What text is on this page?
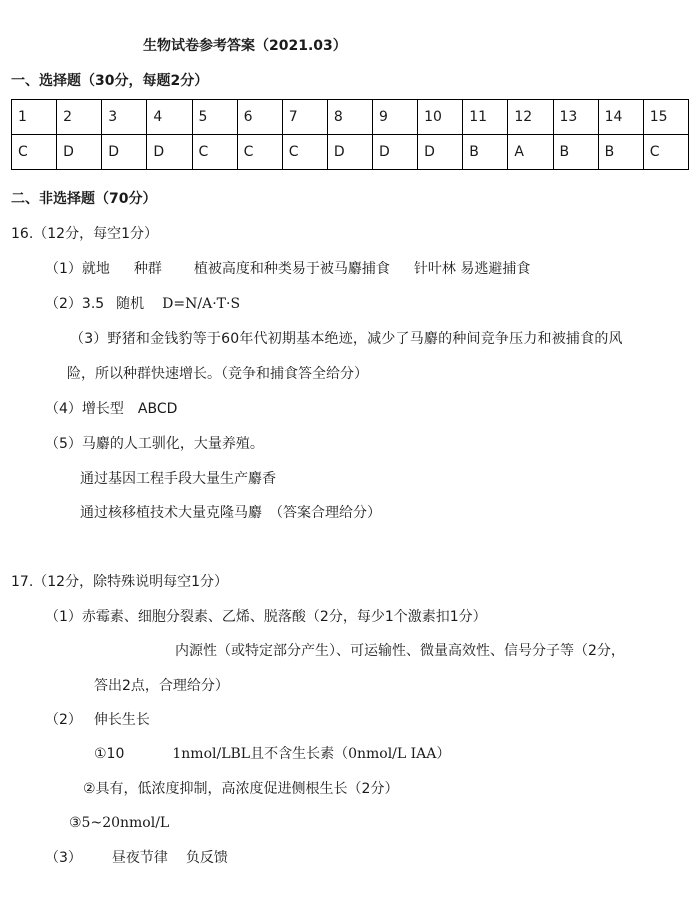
生物试卷参考答案（2021.03）
一、选择题（30分，每题2分）
1	2	3	4	5	6	7	8	9	10	11	12	13	14	15
C	D	D	D	C	C	C	D	D	D	B	A	B	B	C
二、非选择题（70分）
16.（12分，每空1分）
（1）就地 种群 植被高度和种类易于被马麝捕食 针叶林 易逃避捕食
（2）3.5 随机 D=N/A·T·S
（3）野猪和金钱豹等于60年代初期基本绝迹，减少了马麝的种间竞争压力和被捕食的风
险，所以种群快速增长。（竞争和捕食答全给分）
（4）增长型　ABCD
（5）马麝的人工驯化，大量养殖。
通过基因工程手段大量生产麝香
通过核移植技术大量克隆马麝　（答案合理给分）
17.（12分，除特殊说明每空1分）
（1）赤霉素、细胞分裂素、乙烯、脱落酸（2分，每少1个激素扣1分）
内源性（或特定部分产生）、可运输性、微量高效性、信号分子等（2分，
答出2点，合理给分）
（2） 伸长生长
①10	1nmol/LBL且不含生长素（0nmol/L IAA）
②具有，低浓度抑制，高浓度促进侧根生长（2分）
③5~20nmol/L
（3） 昼夜节律 负反馈
